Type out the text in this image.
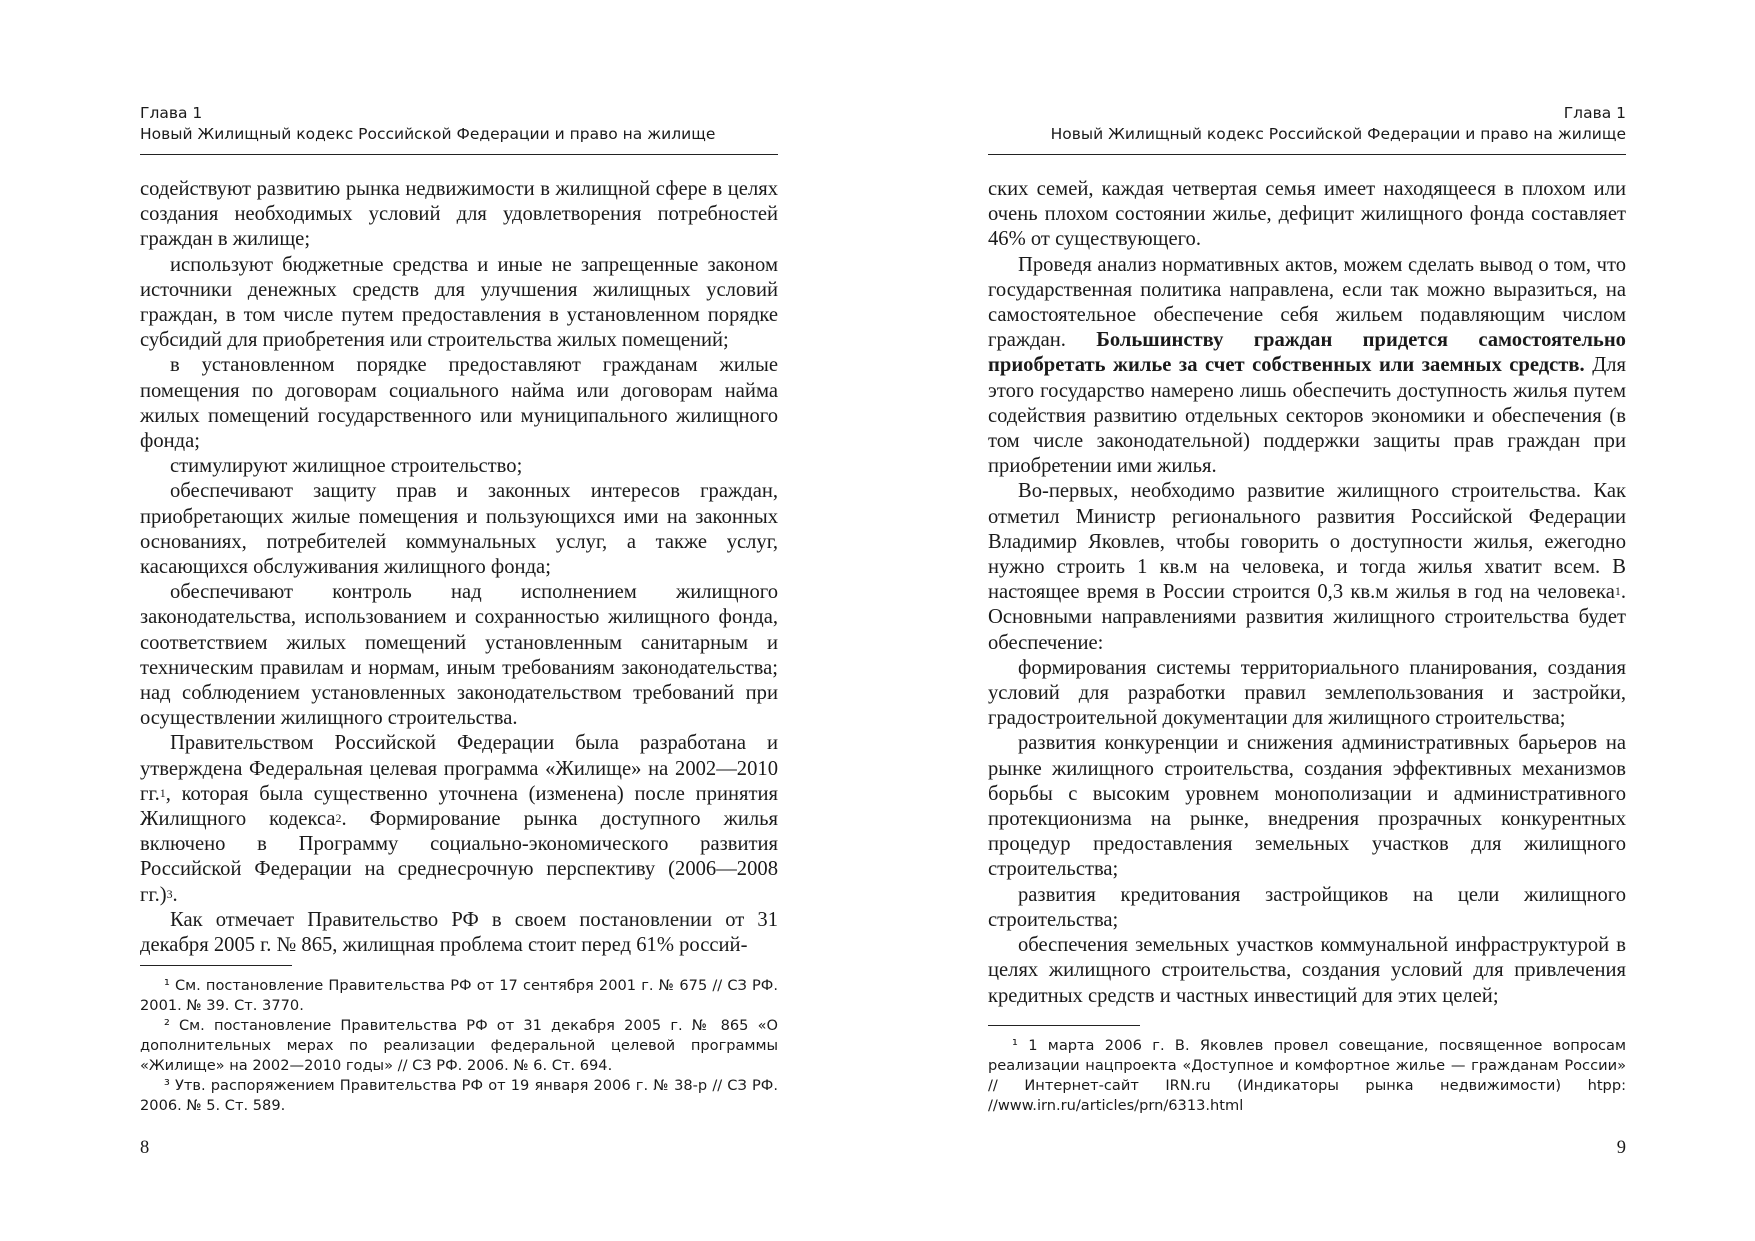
Глава 1
Новый Жилищный кодекс Российской Федерации и право на жилище

содействуют развитию рынка недвижимости в жилищной сфере в целях создания необходимых условий для удовлетворения потребностей граждан в жилище;

используют бюджетные средства и иные не запрещенные законом источники денежных средств для улучшения жилищных условий граждан, в том числе путем предоставления в установленном порядке субсидий для приобретения или строительства жилых помещений;

в установленном порядке предоставляют гражданам жилые помещения по договорам социального найма или договорам найма жилых помещений государственного или муниципального жилищного фонда;

стимулируют жилищное строительство;

обеспечивают защиту прав и законных интересов граждан, приобретающих жилые помещения и пользующихся ими на законных основаниях, потребителей коммунальных услуг, а также услуг, касающихся обслуживания жилищного фонда;

обеспечивают контроль над исполнением жилищного законодательства, использованием и сохранностью жилищного фонда, соответствием жилых помещений установленным санитарным и техническим правилам и нормам, иным требованиям законодательства; над соблюдением установленных законодательством требований при осуществлении жилищного строительства.

Правительством Российской Федерации была разработана и утверждена Федеральная целевая программа «Жилище» на 2002—2010 гг.$^1$, которая была существенно уточнена (изменена) после принятия Жилищного кодекса$^2$. Формирование рынка доступного жилья включено в Программу социально-экономического развития Российской Федерации на среднесрочную перспективу (2006—2008 гг.)$^3$.

Как отмечает Правительство РФ в своем постановлении от 31 декабря 2005 г. № 865, жилищная проблема стоит перед 61% россий-

¹ См. постановление Правительства РФ от 17 сентября 2001 г. № 675 // СЗ РФ. 2001. № 39. Ст. 3770.

² См. постановление Правительства РФ от 31 декабря 2005 г. № 865 «О дополнительных мерах по реализации федеральной целевой программы «Жилище» на 2002—2010 годы» // СЗ РФ. 2006. № 6. Ст. 694.

³ Утв. распоряжением Правительства РФ от 19 января 2006 г. № 38-р // СЗ РФ. 2006. № 5. Ст. 589.

8
Глава 1
Новый Жилищный кодекс Российской Федерации и право на жилище

ских семей, каждая четвертая семья имеет находящееся в плохом или очень плохом состоянии жилье, дефицит жилищного фонда составляет 46% от существующего.

Проведя анализ нормативных актов, можем сделать вывод о том, что государственная политика направлена, если так можно выразиться, на самостоятельное обеспечение себя жильем подавляющим числом граждан. Большинству граждан придется самостоятельно приобретать жилье за счет собственных или заемных средств. Для этого государство намерено лишь обеспечить доступность жилья путем содействия развитию отдельных секторов экономики и обеспечения (в том числе законодательной) поддержки защиты прав граждан при приобретении ими жилья.

Во-первых, необходимо развитие жилищного строительства. Как отметил Министр регионального развития Российской Федерации Владимир Яковлев, чтобы говорить о доступности жилья, ежегодно нужно строить 1 кв.м на человека, и тогда жилья хватит всем. В настоящее время в России строится 0,3 кв.м жилья в год на человека$^1$. Основными направлениями развития жилищного строительства будет обеспечение:

формирования системы территориального планирования, создания условий для разработки правил землепользования и застройки, градостроительной документации для жилищного строительства;

развития конкуренции и снижения административных барьеров на рынке жилищного строительства, создания эффективных механизмов борьбы с высоким уровнем монополизации и административного протекционизма на рынке, внедрения прозрачных конкурентных процедур предоставления земельных участков для жилищного строительства;

развития кредитования застройщиков на цели жилищного строительства;

обеспечения земельных участков коммунальной инфраструктурой в целях жилищного строительства, создания условий для привлечения кредитных средств и частных инвестиций для этих целей;

¹ 1 марта 2006 г. В. Яковлев провел совещание, посвященное вопросам реализации нацпроекта «Доступное и комфортное жилье — гражданам России» // Интернет-сайт IRN.ru (Индикаторы рынка недвижимости) htpp: //www.irn.ru/articles/prn/6313.html

9
